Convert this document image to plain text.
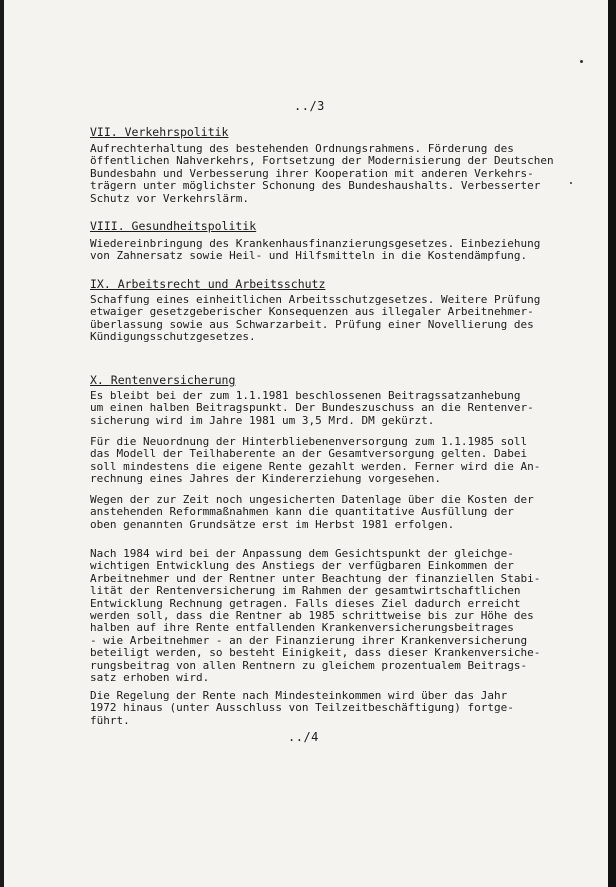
../3
VII. Verkehrspolitik
Aufrechterhaltung des bestehenden Ordnungsrahmens. Förderung des
öffentlichen Nahverkehrs, Fortsetzung der Modernisierung der Deutschen
Bundesbahn und Verbesserung ihrer Kooperation mit anderen Verkehrs-
trägern unter möglichster Schonung des Bundeshaushalts. Verbesserter
Schutz vor Verkehrslärm.
VIII. Gesundheitspolitik
Wiedereinbringung des Krankenhausfinanzierungsgesetzes. Einbeziehung
von Zahnersatz sowie Heil- und Hilfsmitteln in die Kostendämpfung.
IX. Arbeitsrecht und Arbeitsschutz
Schaffung eines einheitlichen Arbeitsschutzgesetzes. Weitere Prüfung
etwaiger gesetzgeberischer Konsequenzen aus illegaler Arbeitnehmer-
überlassung sowie aus Schwarzarbeit. Prüfung einer Novellierung des
Kündigungsschutzgesetzes.
X. Rentenversicherung
Es bleibt bei der zum 1.1.1981 beschlossenen Beitragssatzanhebung
um einen halben Beitragspunkt. Der Bundeszuschuss an die Rentenver-
sicherung wird im Jahre 1981 um 3,5 Mrd. DM gekürzt.
Für die Neuordnung der Hinterbliebenenversorgung zum 1.1.1985 soll
das Modell der Teilhaberente an der Gesamtversorgung gelten. Dabei
soll mindestens die eigene Rente gezahlt werden. Ferner wird die An-
rechnung eines Jahres der Kindererziehung vorgesehen.
Wegen der zur Zeit noch ungesicherten Datenlage über die Kosten der
anstehenden Reformmaßnahmen kann die quantitative Ausfüllung der
oben genannten Grundsätze erst im Herbst 1981 erfolgen.
Nach 1984 wird bei der Anpassung dem Gesichtspunkt der gleichge-
wichtigen Entwicklung des Anstiegs der verfügbaren Einkommen der
Arbeitnehmer und der Rentner unter Beachtung der finanziellen Stabi-
lität der Rentenversicherung im Rahmen der gesamtwirtschaftlichen
Entwicklung Rechnung getragen. Falls dieses Ziel dadurch erreicht
werden soll, dass die Rentner ab 1985 schrittweise bis zur Höhe des
halben auf ihre Rente entfallenden Krankenversicherungsbeitrages
- wie Arbeitnehmer - an der Finanzierung ihrer Krankenversicherung
beteiligt werden, so besteht Einigkeit, dass dieser Krankenversiche-
rungsbeitrag von allen Rentnern zu gleichem prozentualem Beitrags-
satz erhoben wird.
Die Regelung der Rente nach Mindesteinkommen wird über das Jahr
1972 hinaus (unter Ausschluss von Teilzeitbeschäftigung) fortge-
führt.
../4
